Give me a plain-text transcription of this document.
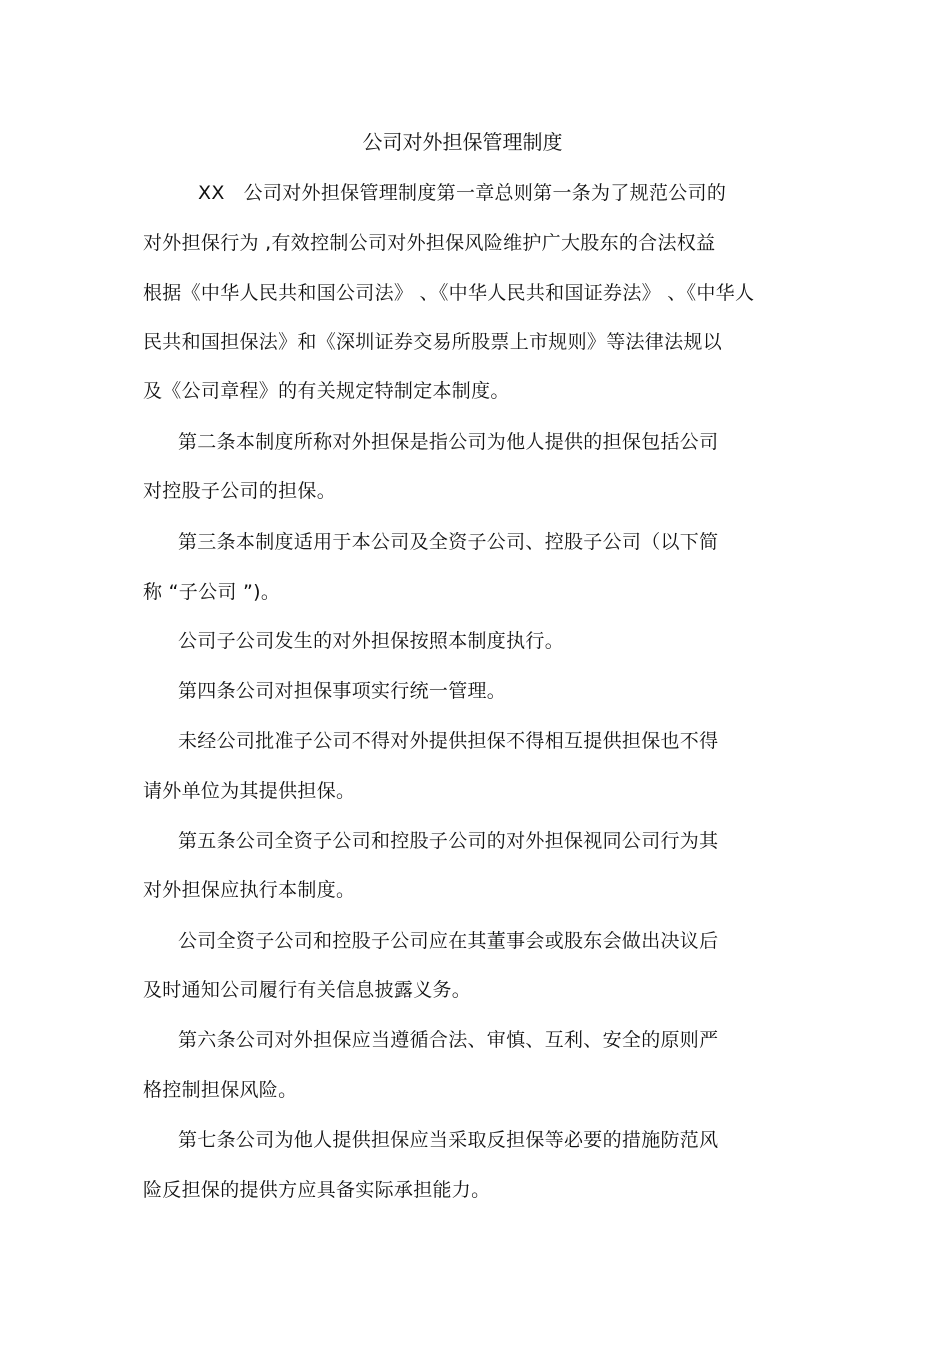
公司对外担保管理制度
XX   公司对外担保管理制度第一章总则第一条为了规范公司的
对外担保行为 ,有效控制公司对外担保风险维护广大股东的合法权益
根据《中华人民共和国公司法》 、《中华人民共和国证券法》 、《中华人
民共和国担保法》和《深圳证券交易所股票上市规则》等法律法规以
及《公司章程》的有关规定特制定本制度。
第二条本制度所称对外担保是指公司为他人提供的担保包括公司
对控股子公司的担保。
第三条本制度适用于本公司及全资子公司、控股子公司（以下简
称 “子公司 ”)。
公司子公司发生的对外担保按照本制度执行。
第四条公司对担保事项实行统一管理。
未经公司批准子公司不得对外提供担保不得相互提供担保也不得
请外单位为其提供担保。
第五条公司全资子公司和控股子公司的对外担保视同公司行为其
对外担保应执行本制度。
公司全资子公司和控股子公司应在其董事会或股东会做出决议后
及时通知公司履行有关信息披露义务。
第六条公司对外担保应当遵循合法、审慎、互利、安全的原则严
格控制担保风险。
第七条公司为他人提供担保应当采取反担保等必要的措施防范风
险反担保的提供方应具备实际承担能力。
